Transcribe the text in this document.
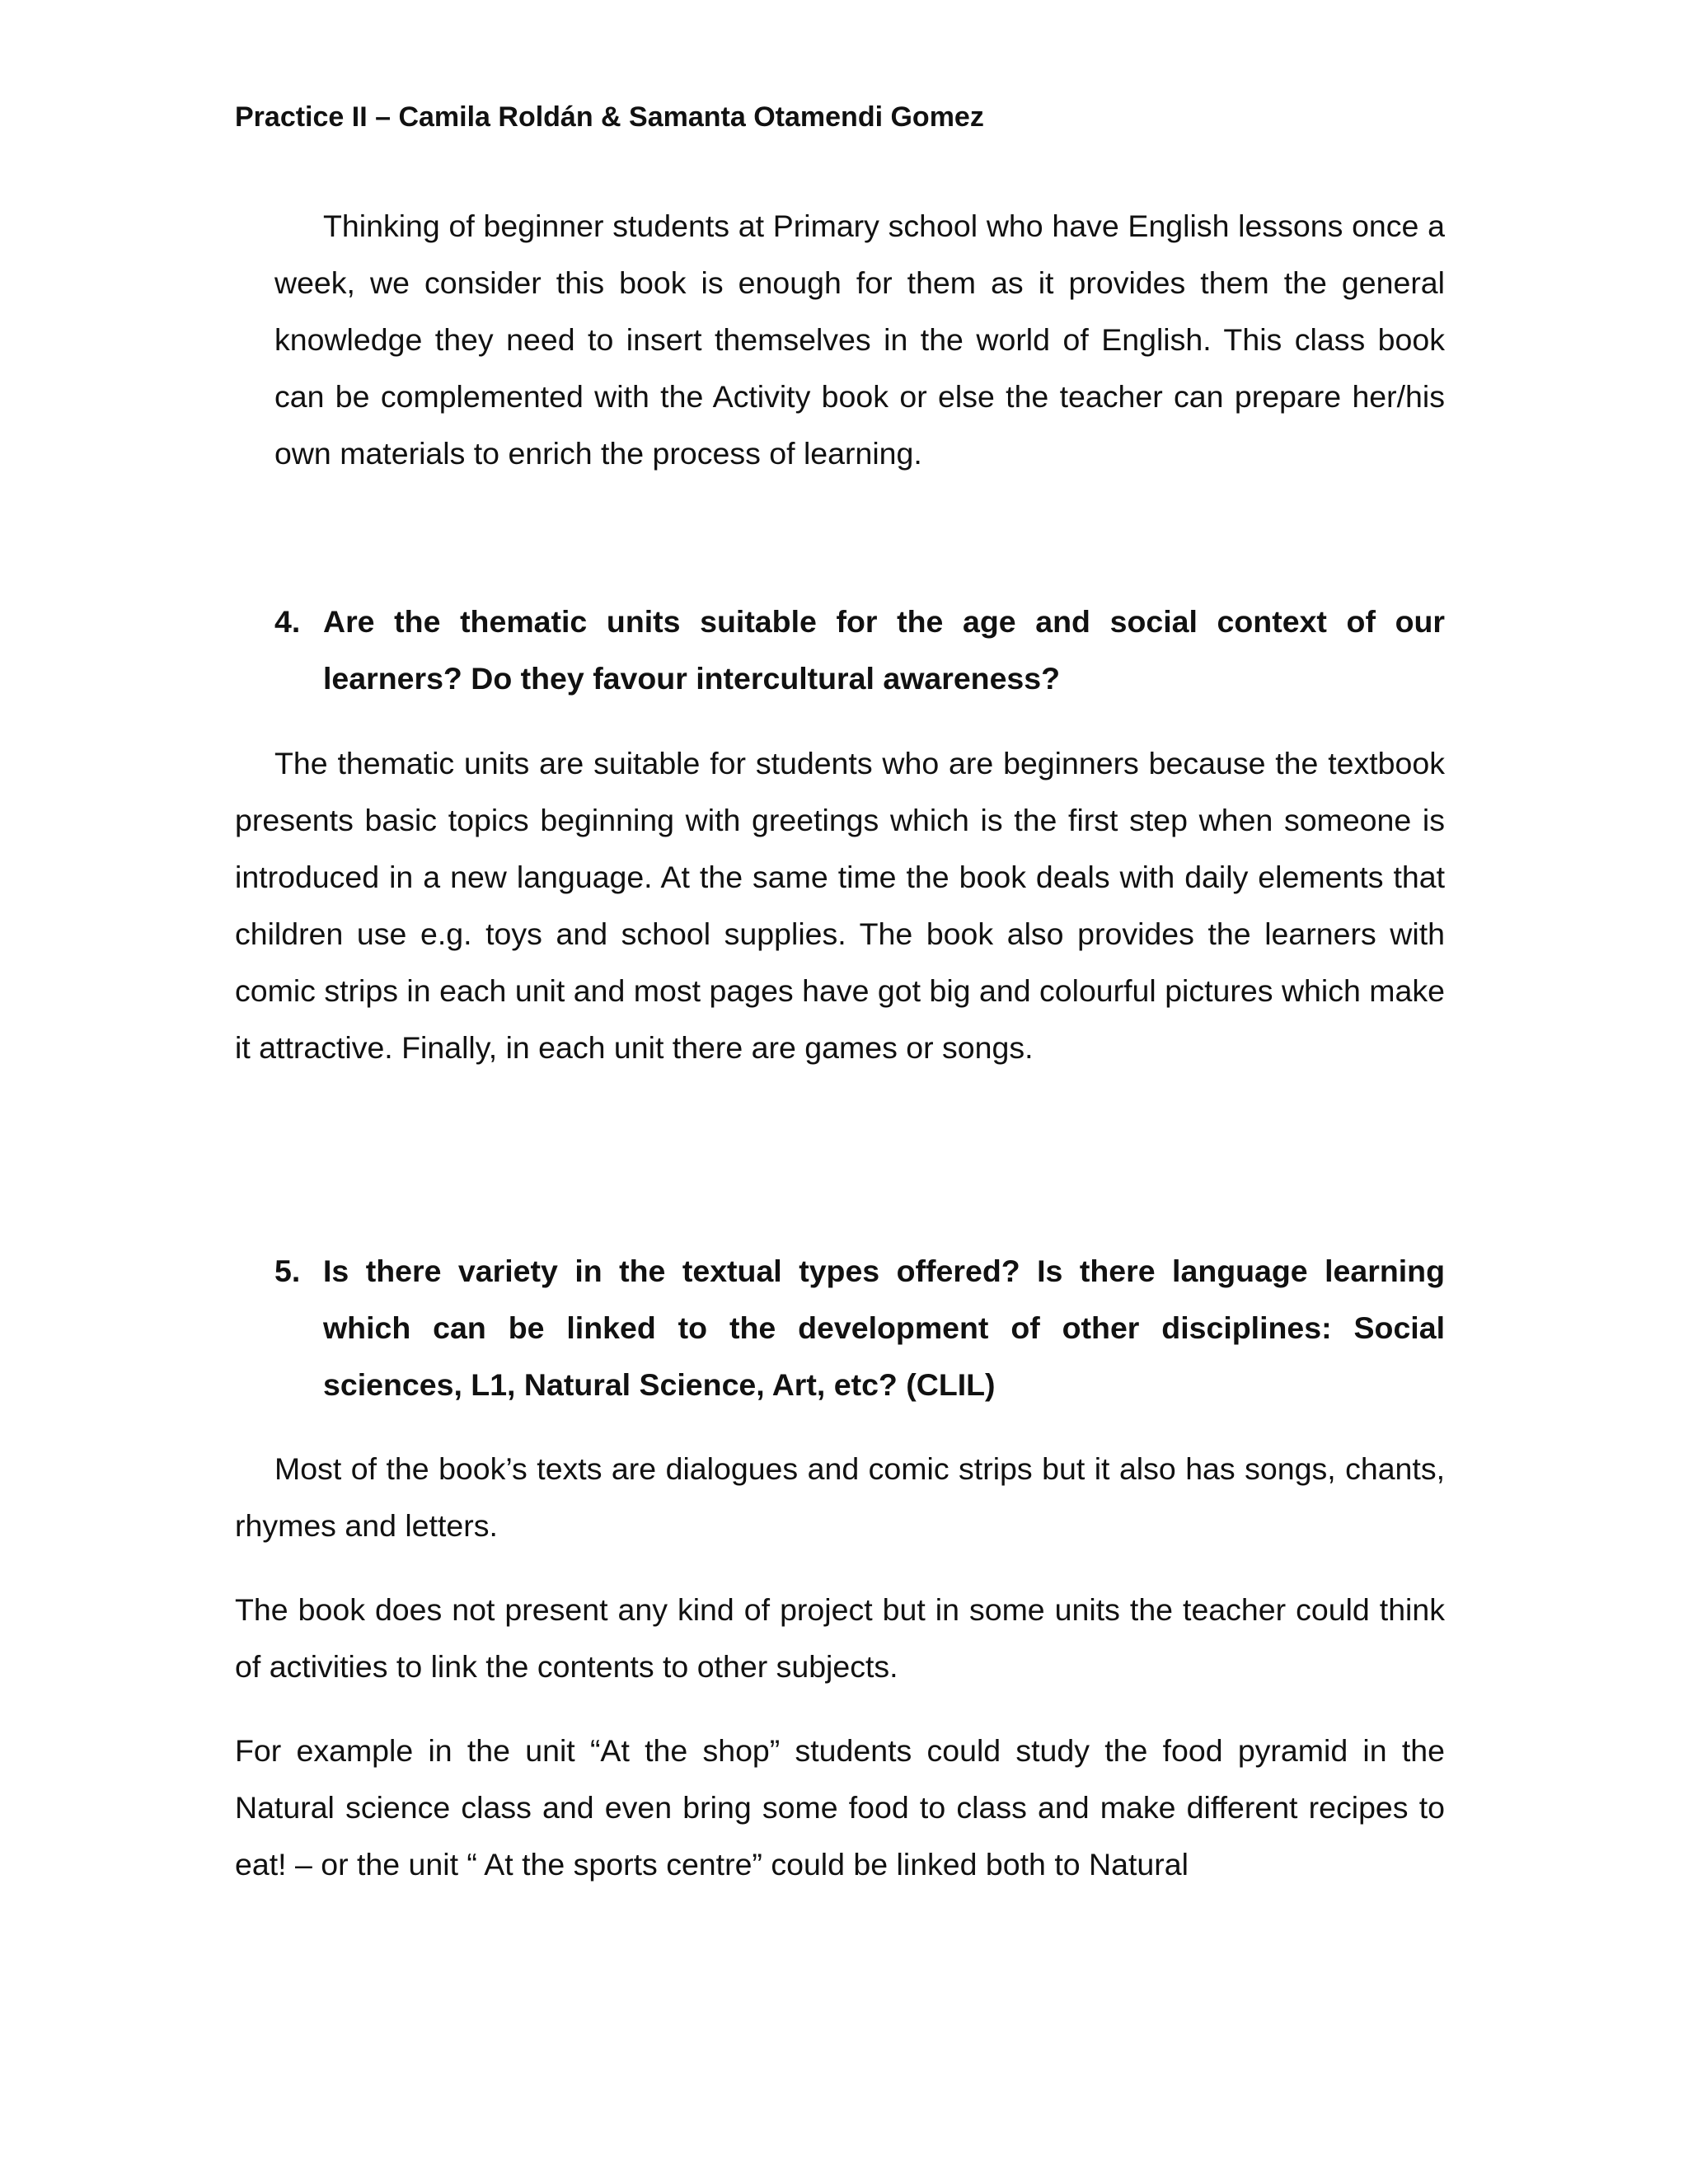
Practice II – Camila Roldán & Samanta Otamendi Gomez

Thinking of beginner students at Primary school who have English lessons once a week, we consider this book is enough for them as it provides them the general knowledge they need to insert themselves in the world of English. This class book can be complemented with the Activity book or else the teacher can prepare her/his own materials to enrich the process of learning.

4. Are the thematic units suitable for the age and social context of our learners? Do they favour intercultural awareness?

The thematic units are suitable for students who are beginners because the textbook presents basic topics beginning with greetings which is the first step when someone is introduced in a new language. At the same time the book deals with daily elements that children use e.g. toys and school supplies. The book also provides the learners with comic strips in each unit and most pages have got big and colourful pictures which make it attractive. Finally, in each unit there are games or songs.

5. Is there variety in the textual types offered? Is there language learning which can be linked to the development of other disciplines: Social sciences, L1, Natural Science, Art, etc? (CLIL)

Most of the book’s texts are dialogues and comic strips but it also has songs, chants, rhymes and letters.

The book does not present any kind of project but in some units the teacher could think of activities to link the contents to other subjects.

For example in the unit “At the shop” students could study the food pyramid in the Natural science class and even bring some food to class and make different recipes to eat! – or the unit “ At the sports centre” could be linked both to Natural
